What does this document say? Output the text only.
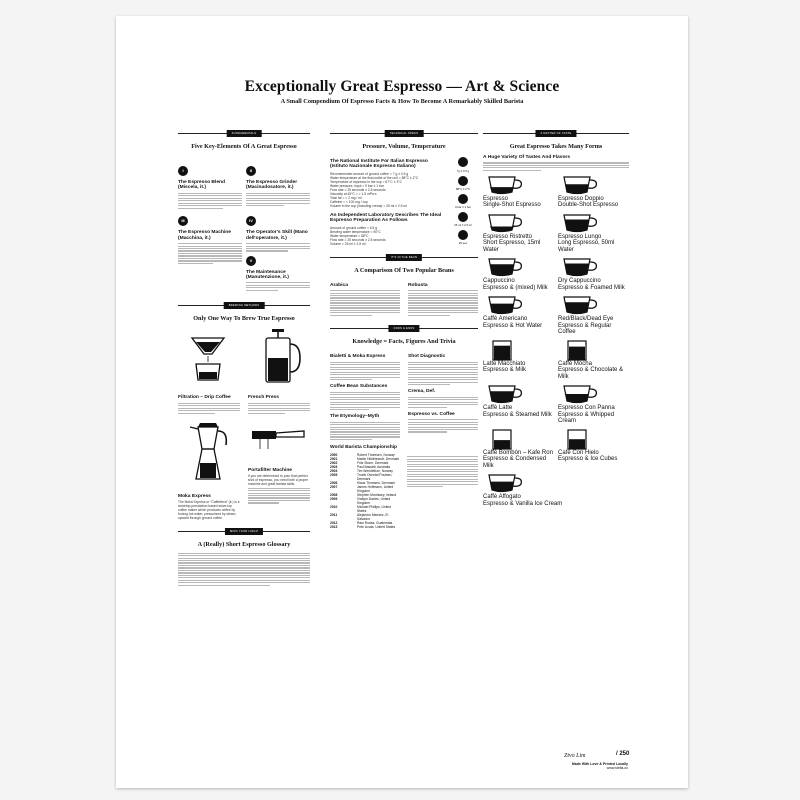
Exceptionally Great Espresso — Art & Science
A Small Compendium Of Espresso Facts & How To Become A Remarkably Skilled Barista
FUNDAMENTALS
Five Key-Elements Of A Great Espresso
I
The Espresso Blend (Miscela, it.)
II
The Espresso Grinder (Macinadosatore, it.)
III
The Espresso Machine (Macchina, it.)
IV
The Operator's Skill (Mano dell'operatore, it.)
V
The Maintenance (Manutenzione, it.)
BREWING METHODS
Only One Way To Brew True Espresso
Filtration – Drip Coffee	French Press
Moka Express
The Moka Express or "Caffettiera" (it.) is a stovetop percolation based stove-top coffee maker which produces coffee by forcing hot water, pressurized by steam, upward through ground coffee.
Portafilter Machine
If you are determined to pour that perfect shot of espresso, you need both a proper machine and great barista skills.
MIND YOUR LINGO
A (Really) Short Espresso Glossary
TECHNICAL SPECS
Pressure, Volume, Temperature
The National Institute For Italian Espresso (Istituto Nazionale Espresso Italiano)
Recommended amount of ground coffee = 7 g ± 0.5 g
Water temperature at the final outlet of the unit = 88°C ± 2°C
Temperature of espresso in the cup = 67°C ± 3°C
Water pressure, input = 9 bar ± 1 bar
Flow rate = 25 seconds ± 2.5 seconds
Viscosity at 45°C = > 1.5 mPa·s
Total fat = > 2 mg / ml
Caffeine = < 100 mg / cup
Volume in the cup (including crema) = 25 ml ± 2.5 ml
An Independent Laboratory Describes The Ideal Espresso Preparation As Follows
Amount of ground coffee = 6.5 g
Brewing water temperature = 90°C
Water temperature = 88°C
Flow rate = 25 seconds ± 2.5 seconds
Volume = 25 ml ± 2.5 ml
7g ± 0.5 g
88°C ± 2°C
9 bar ± 1 bar
25 ml ± 2.5 ml
25 sec
IT'S IN THE BEAN
A Comparison Of Two Popular Beans
Arabica	Robusta
ODDS & ENDS
Knowledge = Facts, Figures And Trivia
Bialetti & Moka Express
Coffee Bean Substances
The Etymology–Myth
Shot Diagnostic
Crema, Def.
Espresso vs. Coffee
World Barista Championship
2000	Robert Thoresen, Norway
2001	Martin Hildebrandt, Denmark
2002	Fritz Storm, Denmark
2003	Paul Bassett, Australia
2004	Tim Wendelboe, Norway
2005	Troels Overdal Poulsen, Denmark
2006	Klaus Thomsen, Denmark
2007	James Hoffmann, United Kingdom
2008	Stephen Morrissey, Ireland
2009	Gwilym Davies, United Kingdom
2010	Michael Phillips, United States
2011	Alejandro Mendez, El Salvador
2012	Raul Rodas, Guatemala
2013	Pete Licata, United States
A MATTER OF TASTE
Great Espresso Takes Many Forms
A Huge Variety Of Tastes And Flavors
Espresso
Single-Shot Espresso
Espresso Doppio
Double-Shot Espresso
Espresso Ristretto
Short Espresso, 15ml Water
Espresso Lungo
Long Espresso, 50ml Water
Cappuccino
Espresso & (mixed) Milk
Dry Cappuccino
Espresso & Foamed Milk
Caffè Americano
Espresso & Hot Water
Red/Black/Dead Eye
Espresso & Regular Coffee
Latte Macchiato
Espresso & Milk
Caffè Mocha
Espresso & Chocolate & Milk
Caffè Latte
Espresso & Steamed Milk
Espresso Con Panna
Espresso & Whipped Cream
Caffè Bombón – Kafe Ron
Espresso & Condensed Milk
Café Con Hielo
Espresso & Ice Cubes
Caffè Affogato
Espresso & Vanilla Ice Cream
Ztvo Lim	/ 250
Made With Love & Printed Locally
www.stella.co
